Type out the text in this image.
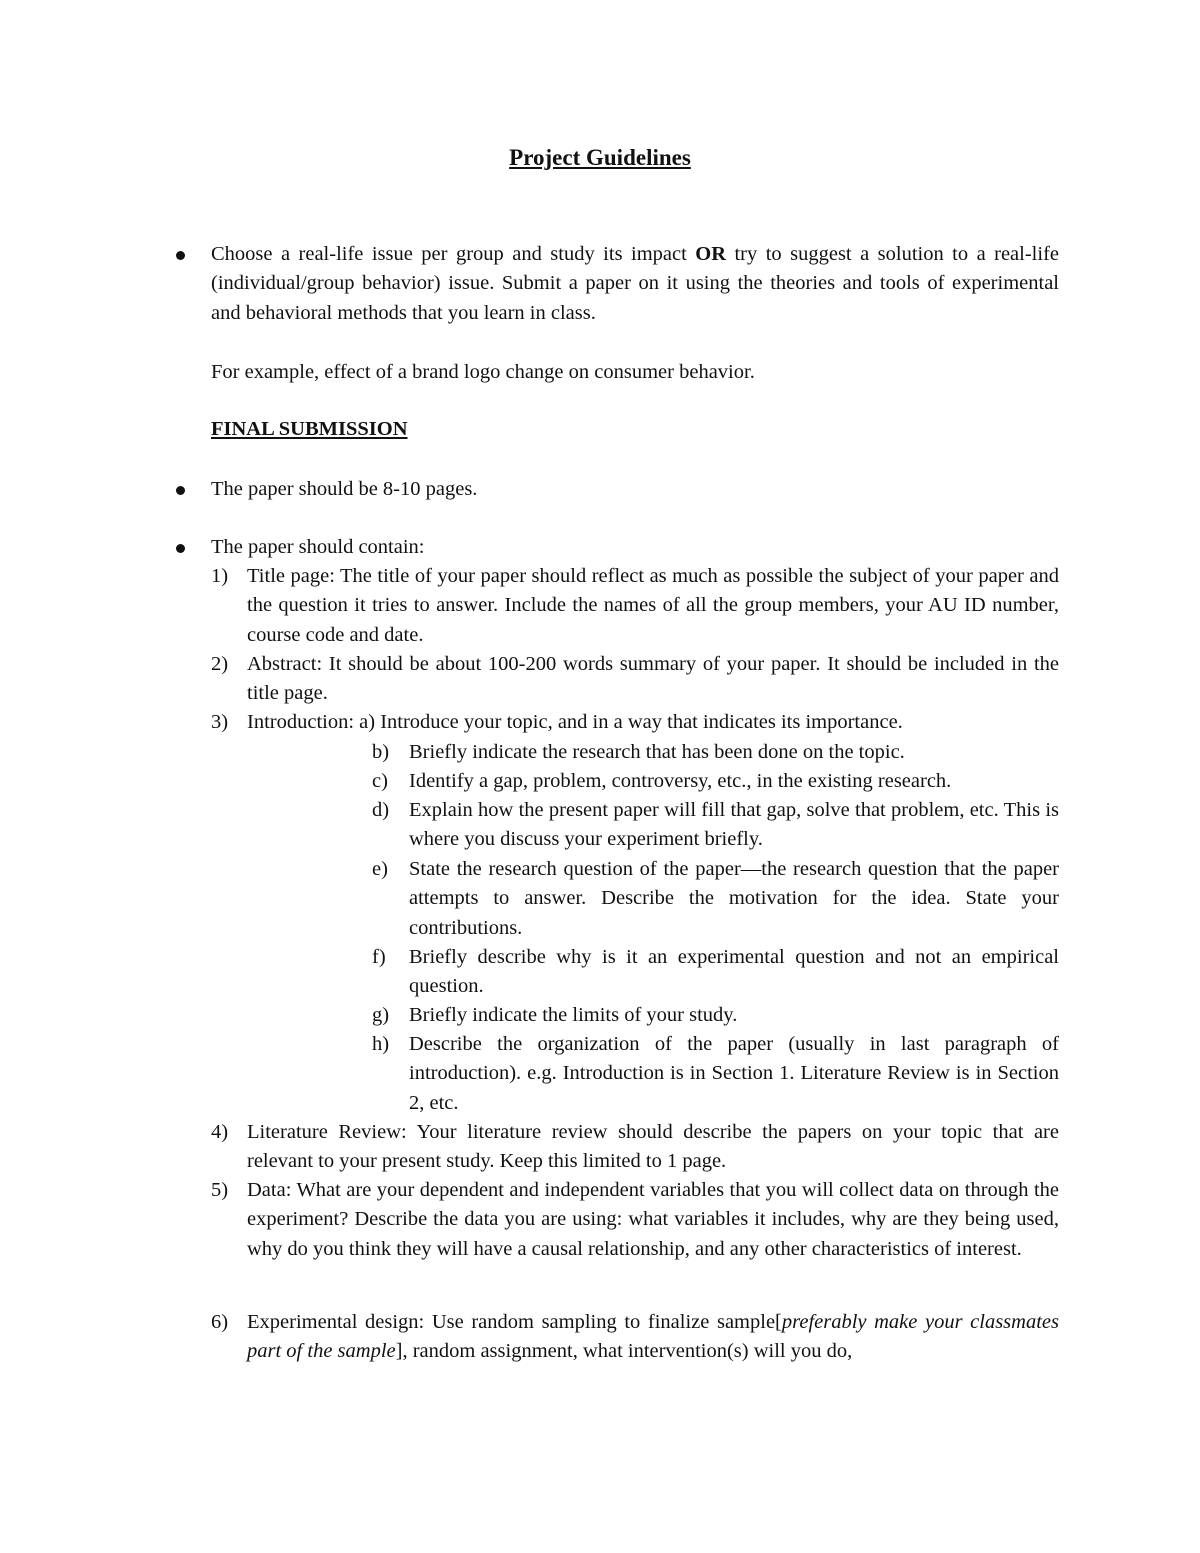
Project Guidelines
Choose a real-life issue per group and study its impact OR try to suggest a solution to a real-life (individual/group behavior) issue. Submit a paper on it using the theories and tools of experimental and behavioral methods that you learn in class.
For example, effect of a brand logo change on consumer behavior.
FINAL SUBMISSION
The paper should be 8-10 pages.
The paper should contain:
1) Title page: The title of your paper should reflect as much as possible the subject of your paper and the question it tries to answer. Include the names of all the group members, your AU ID number, course code and date.
2) Abstract: It should be about 100-200 words summary of your paper. It should be included in the title page.
3) Introduction: a) Introduce your topic, and in a way that indicates its importance.
b) Briefly indicate the research that has been done on the topic.
c)	Identify a gap, problem, controversy, etc., in the existing research.
d) Explain how the present paper will fill that gap, solve that problem, etc. This is where you discuss your experiment briefly.
e)	State the research question of the paper—the research question that the paper attempts to answer. Describe the motivation for the idea. State your contributions.
f)	Briefly describe why is it an experimental question and not an empirical question.
g) Briefly indicate the limits of your study.
h) Describe the organization of the paper (usually in last paragraph of introduction). e.g. Introduction is in Section 1. Literature Review is in Section 2, etc.
4) Literature Review: Your literature review should describe the papers on your topic that are relevant to your present study. Keep this limited to 1 page.
5) Data: What are your dependent and independent variables that you will collect data on through the experiment? Describe the data you are using: what variables it includes, why are they being used, why do you think they will have a causal relationship, and any other characteristics of interest.
6) Experimental design: Use random sampling to finalize sample[preferably make your classmates part of the sample], random assignment, what intervention(s) will you do,
